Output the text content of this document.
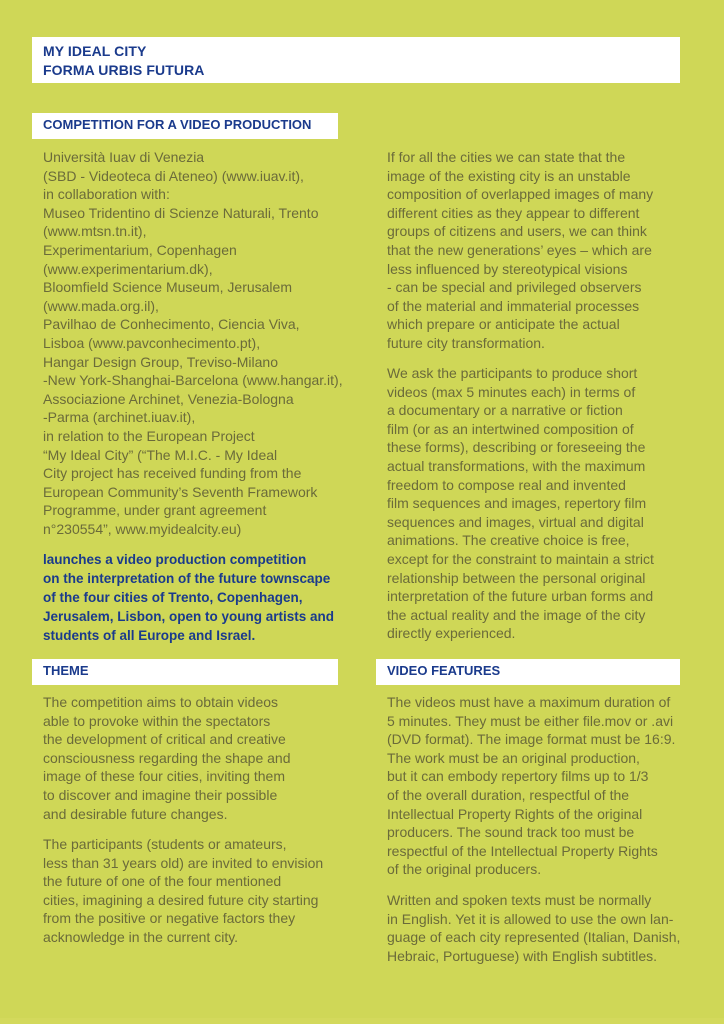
MY IDEAL CITY
FORMA URBIS FUTURA
COMPETITION FOR A VIDEO PRODUCTION
Università Iuav di Venezia
(SBD - Videoteca di Ateneo) (www.iuav.it),
in collaboration with:
Museo Tridentino di Scienze Naturali, Trento
(www.mtsn.tn.it),
Experimentarium, Copenhagen
(www.experimentarium.dk),
Bloomfield Science Museum, Jerusalem
(www.mada.org.il),
Pavilhao de Conhecimento, Ciencia Viva,
Lisboa (www.pavconhecimento.pt),
Hangar Design Group, Treviso-Milano
-New York-Shanghai-Barcelona (www.hangar.it),
Associazione Archinet, Venezia-Bologna
-Parma (archinet.iuav.it),
in relation to the European Project
“My Ideal City” (“The M.I.C. - My Ideal
City project has received funding from the
European Community’s Seventh Framework
Programme, under grant agreement
n°230554”, www.myidealcity.eu)
launches a video production competition
on the interpretation of the future townscape
of the four cities of Trento, Copenhagen,
Jerusalem, Lisbon, open to young artists and
students of all Europe and Israel.
THEME
The competition aims to obtain videos
able to provoke within the spectators
the development of critical and creative
consciousness regarding the shape and
image of these four cities, inviting them
to discover and imagine their possible
and desirable future changes.
The participants (students or amateurs,
less than 31 years old) are invited to envision
the future of one of the four mentioned
cities, imagining a desired future city starting
from the positive or negative factors they
acknowledge in the current city.
If for all the cities we can state that the
image of the existing city is an unstable
composition of overlapped images of many
different cities as they appear to different
groups of citizens and users, we can think
that the new generations’ eyes – which are
less influenced by stereotypical visions
- can be special and privileged observers
of the material and immaterial processes
which prepare or anticipate the actual
future city transformation.
We ask the participants to produce short
videos (max 5 minutes each) in terms of
a documentary or a narrative or fiction
film (or as an intertwined composition of
these forms), describing or foreseeing the
actual transformations, with the maximum
freedom to compose real and invented
film sequences and images, repertory film
sequences and images, virtual and digital
animations. The creative choice is free,
except for the constraint to maintain a strict
relationship between the personal original
interpretation of the future urban forms and
the actual reality and the image of the city
directly experienced.
VIDEO FEATURES
The videos must have a maximum duration of
5 minutes. They must be either file.mov or .avi
(DVD format). The image format must be 16:9.
The work must be an original production,
but it can embody repertory films up to 1/3
of the overall duration, respectful of the
Intellectual Property Rights of the original
producers. The sound track too must be
respectful of the Intellectual Property Rights
of the original producers.
Written and spoken texts must be normally
in English. Yet it is allowed to use the own lan-
guage of each city represented (Italian, Danish,
Hebraic, Portuguese) with English subtitles.
